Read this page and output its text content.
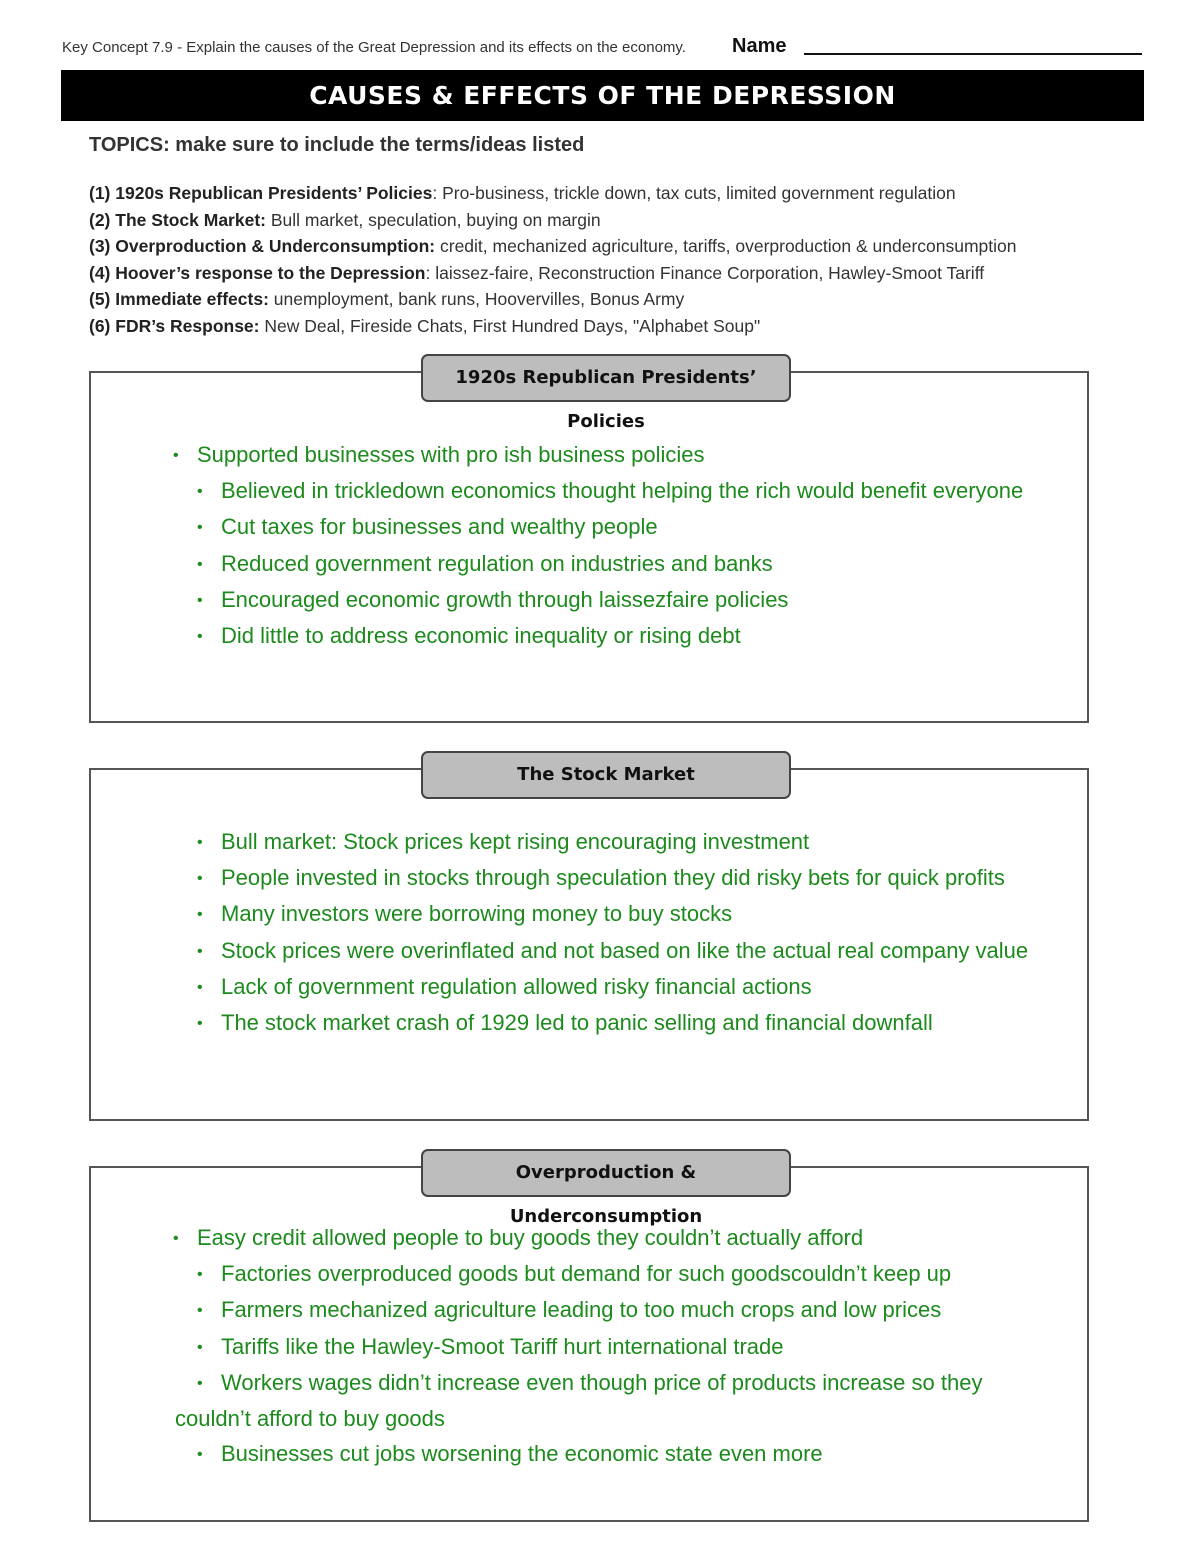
Key Concept 7.9 - Explain the causes of the Great Depression and its effects on the economy. Name
CAUSES & EFFECTS OF THE DEPRESSION
TOPICS: make sure to include the terms/ideas listed
(1) 1920s Republican Presidents’ Policies: Pro-business, trickle down, tax cuts, limited government regulation
(2) The Stock Market: Bull market, speculation, buying on margin
(3) Overproduction & Underconsumption: credit, mechanized agriculture, tariffs, overproduction & underconsumption
(4) Hoover’s response to the Depression: laissez-faire, Reconstruction Finance Corporation, Hawley-Smoot Tariff
(5) Immediate effects: unemployment, bank runs, Hoovervilles, Bonus Army
(6) FDR’s Response: New Deal, Fireside Chats, First Hundred Days, "Alphabet Soup"
1920s Republican Presidents’ Policies
• Supported businesses with pro ish business policies
• Believed in trickledown economics thought helping the rich would benefit everyone
• Cut taxes for businesses and wealthy people
• Reduced government regulation on industries and banks
• Encouraged economic growth through laissezfaire policies
• Did little to address economic inequality or rising debt
The Stock Market
• Bull market: Stock prices kept rising encouraging investment
• People invested in stocks through speculation they did risky bets for quick profits
• Many investors were borrowing money to buy stocks
• Stock prices were overinflated and not based on like the actual real company value
• Lack of government regulation allowed risky financial actions
• The stock market crash of 1929 led to panic selling and financial downfall
Overproduction & Underconsumption
• Easy credit allowed people to buy goods they couldn’t actually afford
• Factories overproduced goods but demand for such goodscouldn’t keep up
• Farmers mechanized agriculture leading to too much crops and low prices
• Tariffs like the Hawley-Smoot Tariff hurt international trade
• Workers wages didn’t increase even though price of products increase so they
couldn’t afford to buy goods
• Businesses cut jobs worsening the economic state even more
